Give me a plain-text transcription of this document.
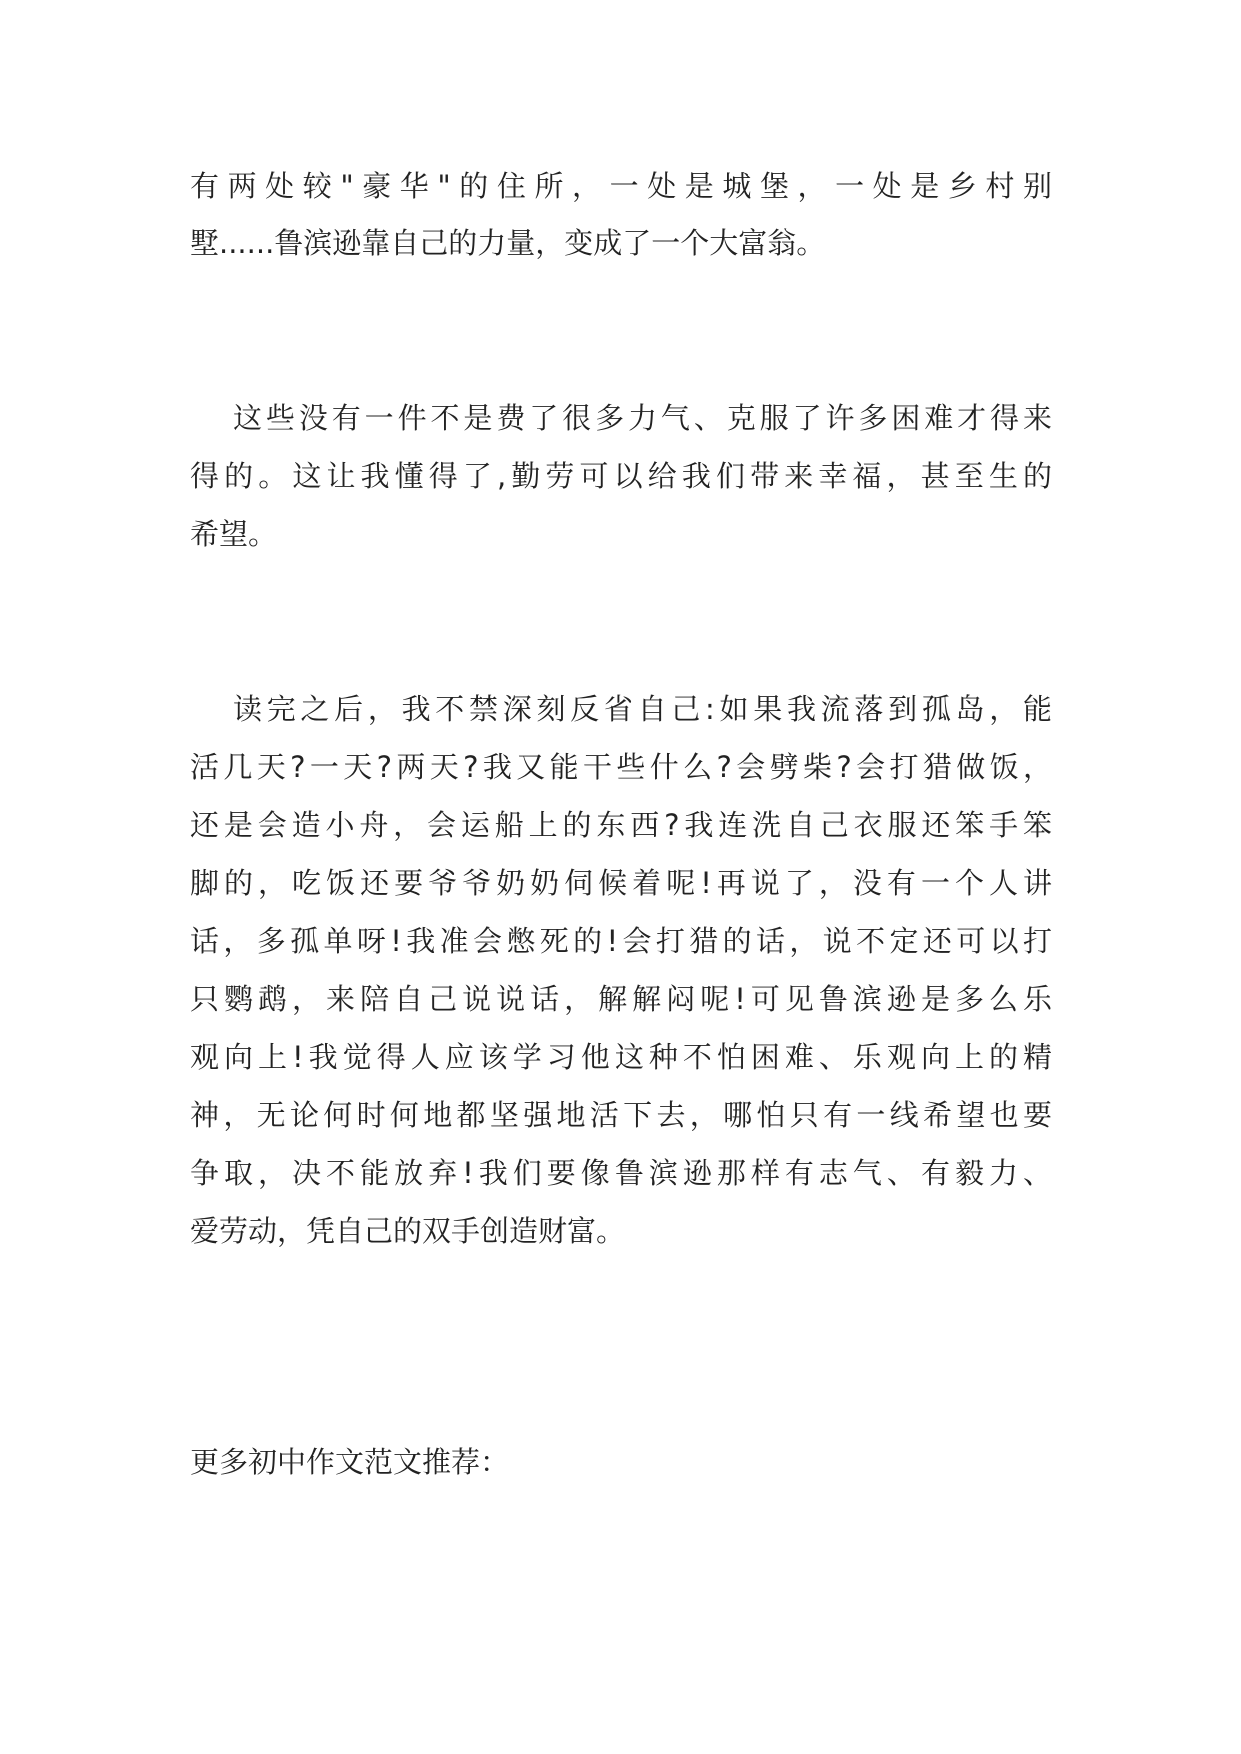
有两处较"豪华"的住所，一处是城堡，一处是乡村别
墅......鲁滨逊靠自己的力量，变成了一个大富翁。
这些没有一件不是费了很多力气、克服了许多困难才得来
得的。这让我懂得了,勤劳可以给我们带来幸福，甚至生的
希望。
读完之后，我不禁深刻反省自己:如果我流落到孤岛，能
活几天?一天?两天?我又能干些什么?会劈柴?会打猎做饭，
还是会造小舟，会运船上的东西?我连洗自己衣服还笨手笨
脚的，吃饭还要爷爷奶奶伺候着呢!再说了，没有一个人讲
话，多孤单呀!我准会憋死的!会打猎的话，说不定还可以打
只鹦鹉，来陪自己说说话，解解闷呢!可见鲁滨逊是多么乐
观向上!我觉得人应该学习他这种不怕困难、乐观向上的精
神，无论何时何地都坚强地活下去，哪怕只有一线希望也要
争取，决不能放弃!我们要像鲁滨逊那样有志气、有毅力、
爱劳动，凭自己的双手创造财富。
更多初中作文范文推荐：
